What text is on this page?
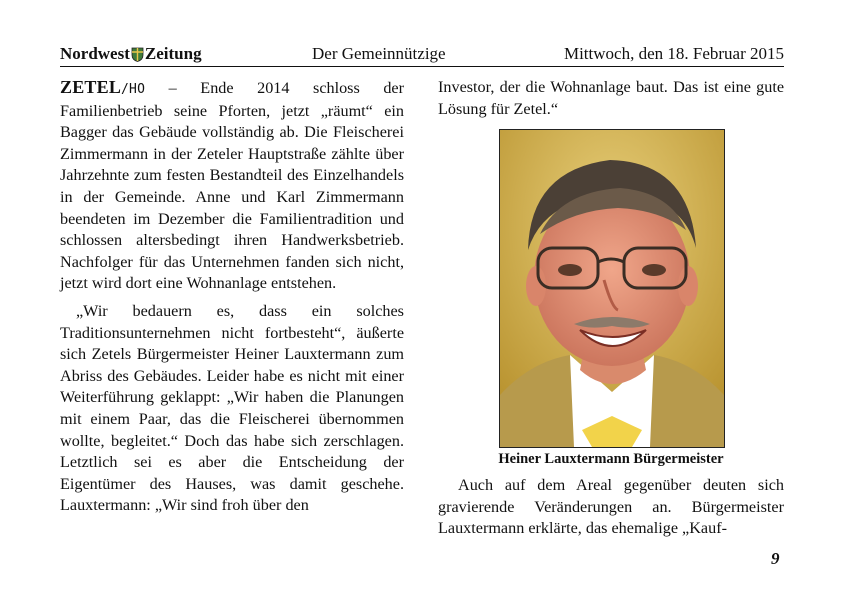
Nordwest Zeitung	Der Gemeinnützige	Mittwoch, den 18. Februar 2015

ZETEL/HO – Ende 2014 schloss der Familienbetrieb seine Pforten, jetzt „räumt“ ein Bagger das Gebäude vollständig ab. Die Fleischerei Zimmermann in der Zeteler Hauptstraße zählte über Jahrzehnte zum festen Bestandteil des Einzelhandels in der Gemeinde. Anne und Karl Zimmermann beendeten im Dezember die Familientradition und schlossen altersbedingt ihren Handwerksbetrieb. Nachfolger für das Unternehmen fanden sich nicht, jetzt wird dort eine Wohnanlage entstehen.

„Wir bedauern es, dass ein solches Traditionsunternehmen nicht fortbesteht“, äußerte sich Zetels Bürgermeister Heiner Lauxtermann zum Abriss des Gebäudes. Leider habe es nicht mit einer Weiterführung geklappt: „Wir haben die Planungen mit einem Paar, das die Fleischerei übernommen wollte, begleitet.“ Doch das habe sich zerschlagen. Letztlich sei es aber die Entscheidung der Eigentümer des Hauses, was damit geschehe. Lauxtermann: „Wir sind froh über den

Investor, der die Wohnanlage baut. Das ist eine gute Lösung für Zetel.“

Heiner Lauxtermann Bürgermeister

Auch auf dem Areal gegenüber deuten sich gravierende Veränderungen an. Bürgermeister Lauxtermann erklärte, das ehemalige „Kauf-

9
